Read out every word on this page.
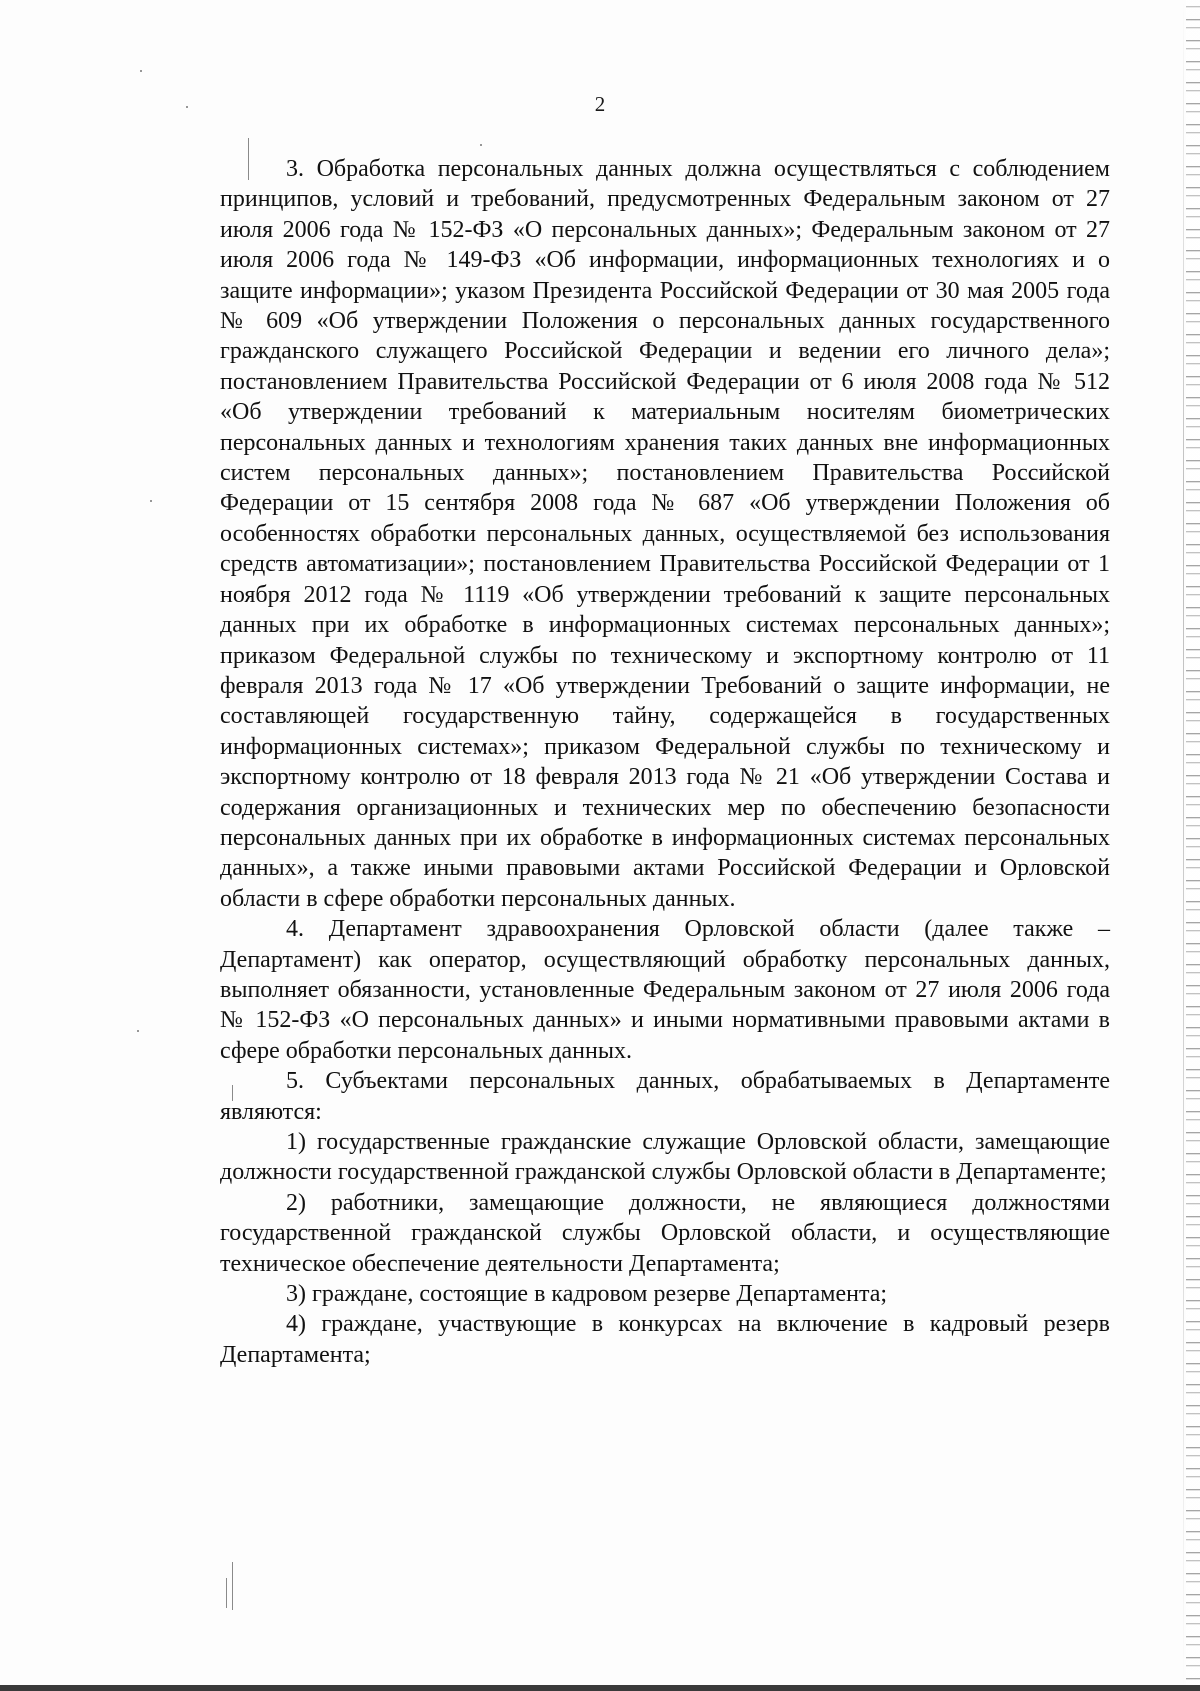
2

3. Обработка персональных данных должна осуществляться с соблюдением принципов, условий и требований, предусмотренных Федеральным законом от 27 июля 2006 года № 152-ФЗ «О персональных данных»; Федеральным законом от 27 июля 2006 года № 149-ФЗ «Об информации, информационных технологиях и о защите информации»; указом Президента Российской Федерации от 30 мая 2005 года № 609 «Об утверждении Положения о персональных данных государственного гражданского служащего Российской Федерации и ведении его личного дела»; постановлением Правительства Российской Федерации от 6 июля 2008 года № 512 «Об утверждении требований к материальным носителям биометрических персональных данных и технологиям хранения таких данных вне информационных систем персональных данных»; постановлением Правительства Российской Федерации от 15 сентября 2008 года № 687 «Об утверждении Положения об особенностях обработки персональных данных, осуществляемой без использования средств автоматизации»; постановлением Правительства Российской Федерации от 1 ноября 2012 года № 1119 «Об утверждении требований к защите персональных данных при их обработке в информационных системах персональных данных»; приказом Федеральной службы по техническому и экспортному контролю от 11 февраля 2013 года № 17 «Об утверждении Требований о защите информации, не составляющей государственную тайну, содержащейся в государственных информационных системах»; приказом Федеральной службы по техническому и экспортному контролю от 18 февраля 2013 года № 21 «Об утверждении Состава и содержания организационных и технических мер по обеспечению безопасности персональных данных при их обработке в информационных системах персональных данных», а также иными правовыми актами Российской Федерации и Орловской области в сфере обработки персональных данных.

4. Департамент здравоохранения Орловской области (далее также – Департамент) как оператор, осуществляющий обработку персональных данных, выполняет обязанности, установленные Федеральным законом от 27 июля 2006 года № 152-ФЗ «О персональных данных» и иными нормативными правовыми актами в сфере обработки персональных данных.

5. Субъектами персональных данных, обрабатываемых в Департаменте являются:

1) государственные гражданские служащие Орловской области, замещающие должности государственной гражданской службы Орловской области в Департаменте;

2) работники, замещающие должности, не являющиеся должностями государственной гражданской службы Орловской области, и осуществляющие техническое обеспечение деятельности Департамента;

3) граждане, состоящие в кадровом резерве Департамента;

4) граждане, участвующие в конкурсах на включение в кадровый резерв Департамента;
